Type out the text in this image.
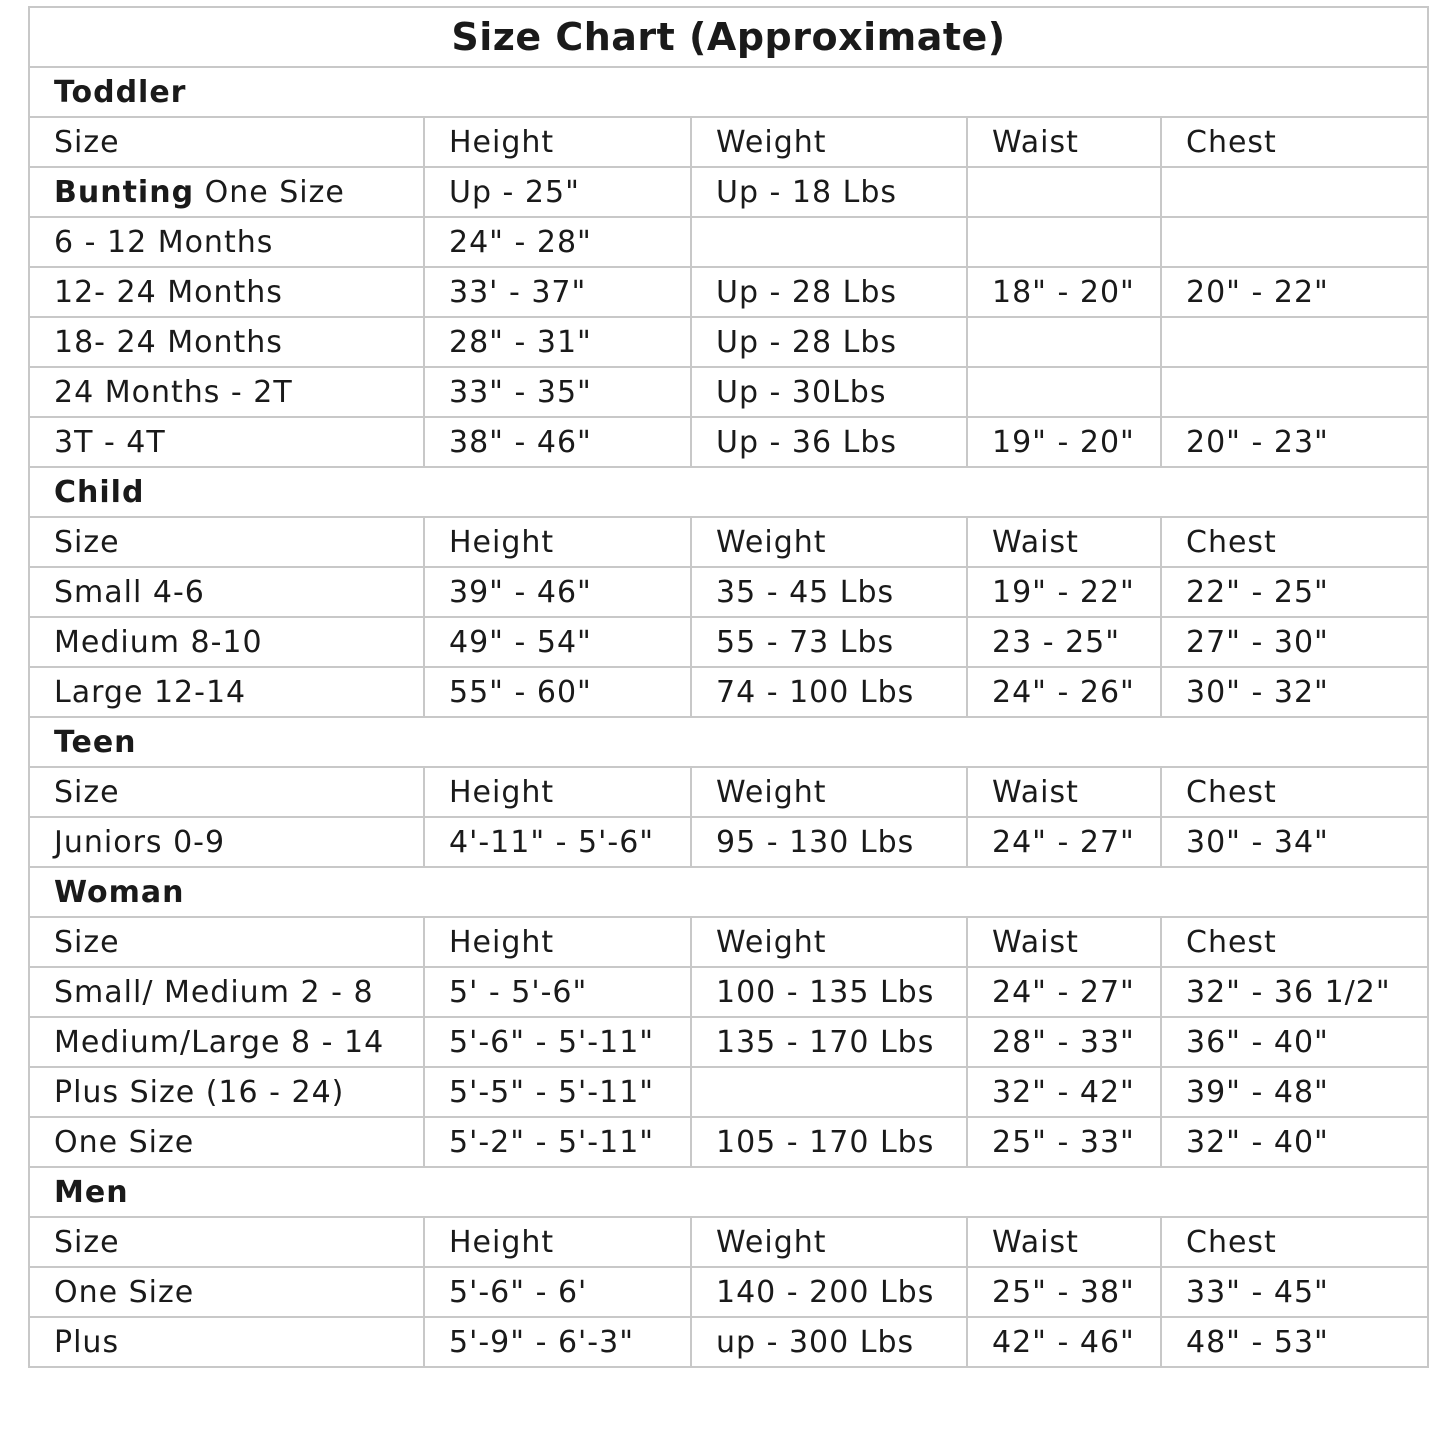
Size Chart (Approximate)				
Toddler				
Size	Height	Weight	Waist	Chest
Bunting One Size	Up - 25"	Up - 18 Lbs		
6 - 12 Months	24" - 28"			
12- 24 Months	33' - 37"	Up - 28 Lbs	18" - 20"	20" - 22"
18- 24 Months	28" - 31"	Up - 28 Lbs		
24 Months - 2T	33" - 35"	Up - 30Lbs		
3T - 4T	38" - 46"	Up - 36 Lbs	19" - 20"	20" - 23"
Child				
Size	Height	Weight	Waist	Chest
Small 4-6	39" - 46"	35 - 45 Lbs	19" - 22"	22" - 25"
Medium 8-10	49" - 54"	55 - 73 Lbs	23 - 25"	27" - 30"
Large 12-14	55" - 60"	74 - 100 Lbs	24" - 26"	30" - 32"
Teen				
Size	Height	Weight	Waist	Chest
Juniors 0-9	4'-11" - 5'-6"	95 - 130 Lbs	24" - 27"	30" - 34"
Woman				
Size	Height	Weight	Waist	Chest
Small/ Medium 2 - 8	5' - 5'-6"	100 - 135 Lbs	24" - 27"	32" - 36 1/2"
Medium/Large 8 - 14	5'-6" - 5'-11"	135 - 170 Lbs	28" - 33"	36" - 40"
Plus Size (16 - 24)	5'-5" - 5'-11"		32" - 42"	39" - 48"
One Size	5'-2" - 5'-11"	105 - 170 Lbs	25" - 33"	32" - 40"
Men				
Size	Height	Weight	Waist	Chest
One Size	5'-6" - 6'	140 - 200 Lbs	25" - 38"	33" - 45"
Plus	5'-9" - 6'-3"	up - 300 Lbs	42" - 46"	48" - 53"
